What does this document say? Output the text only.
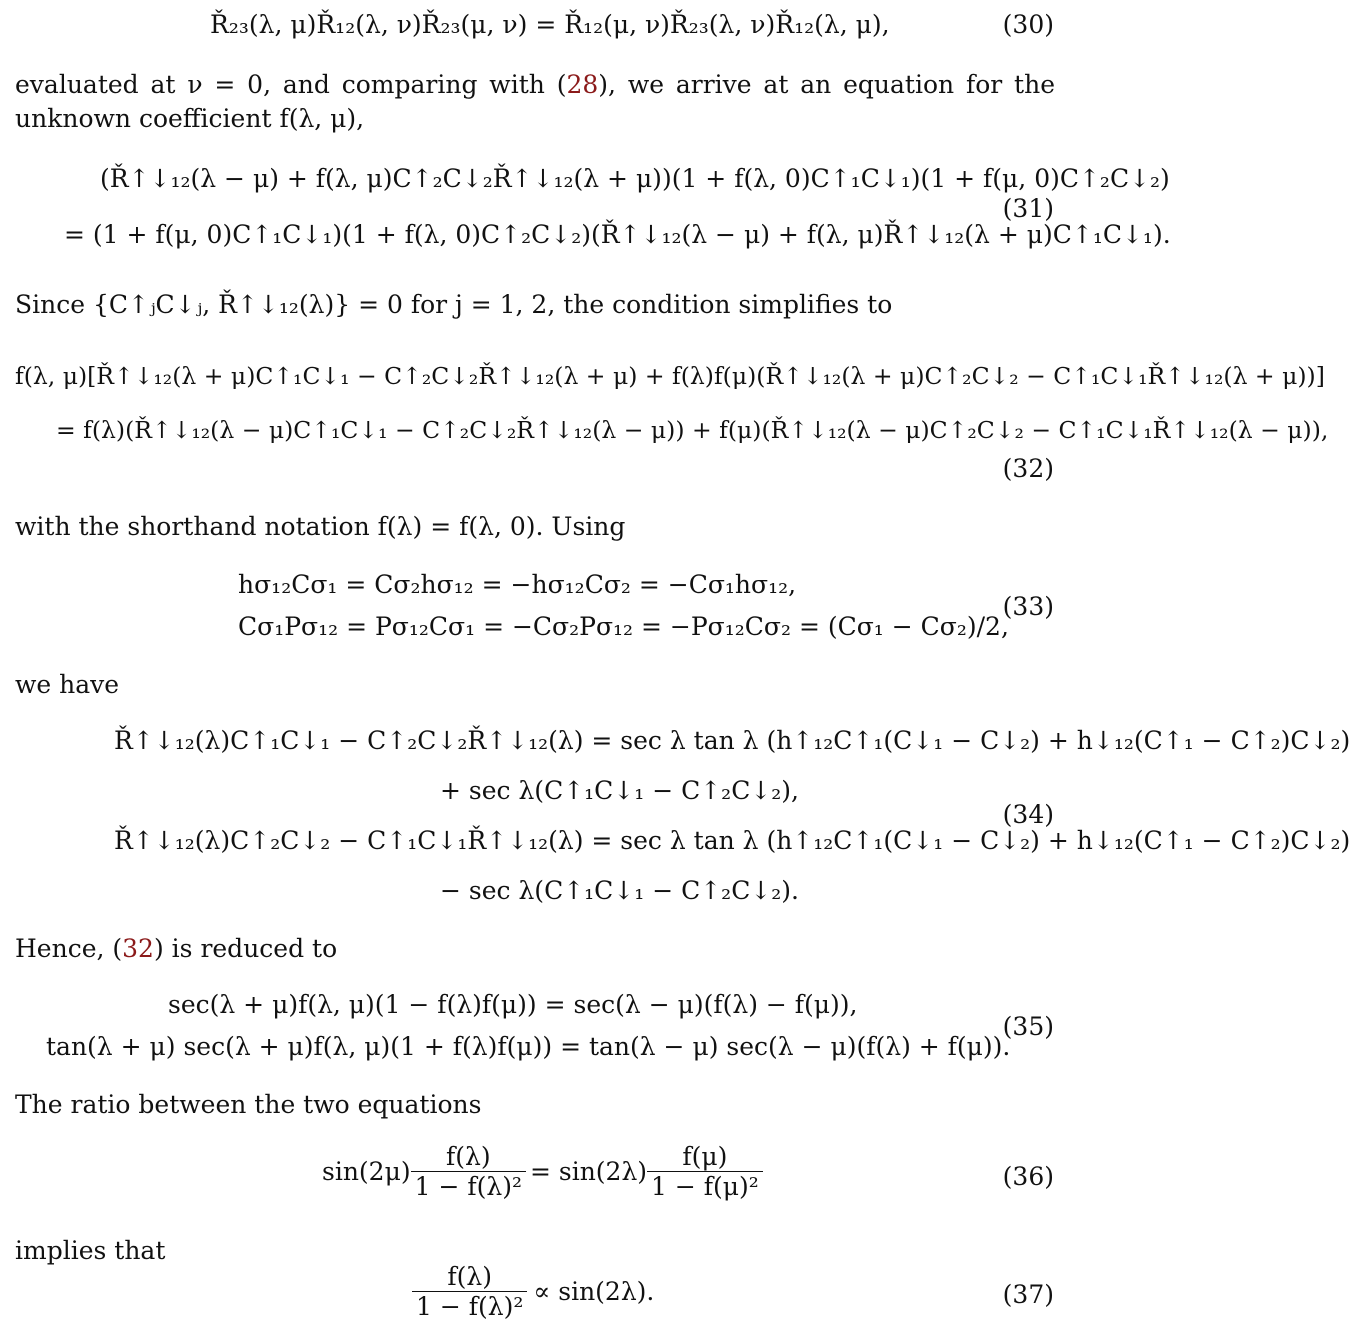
Ř₂₃(λ, μ)Ř₁₂(λ, ν)Ř₂₃(μ, ν) = Ř₁₂(μ, ν)Ř₂₃(λ, ν)Ř₁₂(λ, μ),	(30)
evaluated at ν = 0, and comparing with (28), we arrive at an equation for the unknown coefficient f(λ, μ),
(Ř↑↓₁₂(λ − μ) + f(λ, μ)C↑₂C↓₂Ř↑↓₁₂(λ + μ))(1 + f(λ, 0)C↑₁C↓₁)(1 + f(μ, 0)C↑₂C↓₂)
= (1 + f(μ, 0)C↑₁C↓₁)(1 + f(λ, 0)C↑₂C↓₂)(Ř↑↓₁₂(λ − μ) + f(λ, μ)Ř↑↓₁₂(λ + μ)C↑₁C↓₁).
(31)
Since {C↑ⱼC↓ⱼ, Ř↑↓₁₂(λ)} = 0 for j = 1, 2, the condition simplifies to
f(λ, μ)[Ř↑↓₁₂(λ + μ)C↑₁C↓₁ − C↑₂C↓₂Ř↑↓₁₂(λ + μ) + f(λ)f(μ)(Ř↑↓₁₂(λ + μ)C↑₂C↓₂ − C↑₁C↓₁Ř↑↓₁₂(λ + μ))]
= f(λ)(Ř↑↓₁₂(λ − μ)C↑₁C↓₁ − C↑₂C↓₂Ř↑↓₁₂(λ − μ)) + f(μ)(Ř↑↓₁₂(λ − μ)C↑₂C↓₂ − C↑₁C↓₁Ř↑↓₁₂(λ − μ)),
(32)
with the shorthand notation f(λ) = f(λ, 0). Using
hσ₁₂Cσ₁ = Cσ₂hσ₁₂ = −hσ₁₂Cσ₂ = −Cσ₁hσ₁₂,
Cσ₁Pσ₁₂ = Pσ₁₂Cσ₁ = −Cσ₂Pσ₁₂ = −Pσ₁₂Cσ₂ = (Cσ₁ − Cσ₂)/2,
(33)
we have
Ř↑↓₁₂(λ)C↑₁C↓₁ − C↑₂C↓₂Ř↑↓₁₂(λ) = sec λ tan λ (h↑₁₂C↑₁(C↓₁ − C↓₂) + h↓₁₂(C↑₁ − C↑₂)C↓₂)
+ sec λ(C↑₁C↓₁ − C↑₂C↓₂),
Ř↑↓₁₂(λ)C↑₂C↓₂ − C↑₁C↓₁Ř↑↓₁₂(λ) = sec λ tan λ (h↑₁₂C↑₁(C↓₁ − C↓₂) + h↓₁₂(C↑₁ − C↑₂)C↓₂)
− sec λ(C↑₁C↓₁ − C↑₂C↓₂).
(34)
Hence, (32) is reduced to
sec(λ + μ)f(λ, μ)(1 − f(λ)f(μ)) = sec(λ − μ)(f(λ) − f(μ)),
tan(λ + μ) sec(λ + μ)f(λ, μ)(1 + f(λ)f(μ)) = tan(λ − μ) sec(λ − μ)(f(λ) + f(μ)).
(35)
The ratio between the two equations
$\sin(2\mu) \frac{f(\lambda)}{\text{1 − f(λ)²}} = \sin(2\lambda) \frac{f(\mu)}{\text{1 − f(μ)²}}$	(36)
implies that
$\frac{f(\lambda)}{\text{1 − f(λ)²}} \propto \sin(2\lambda)$.	(37)
